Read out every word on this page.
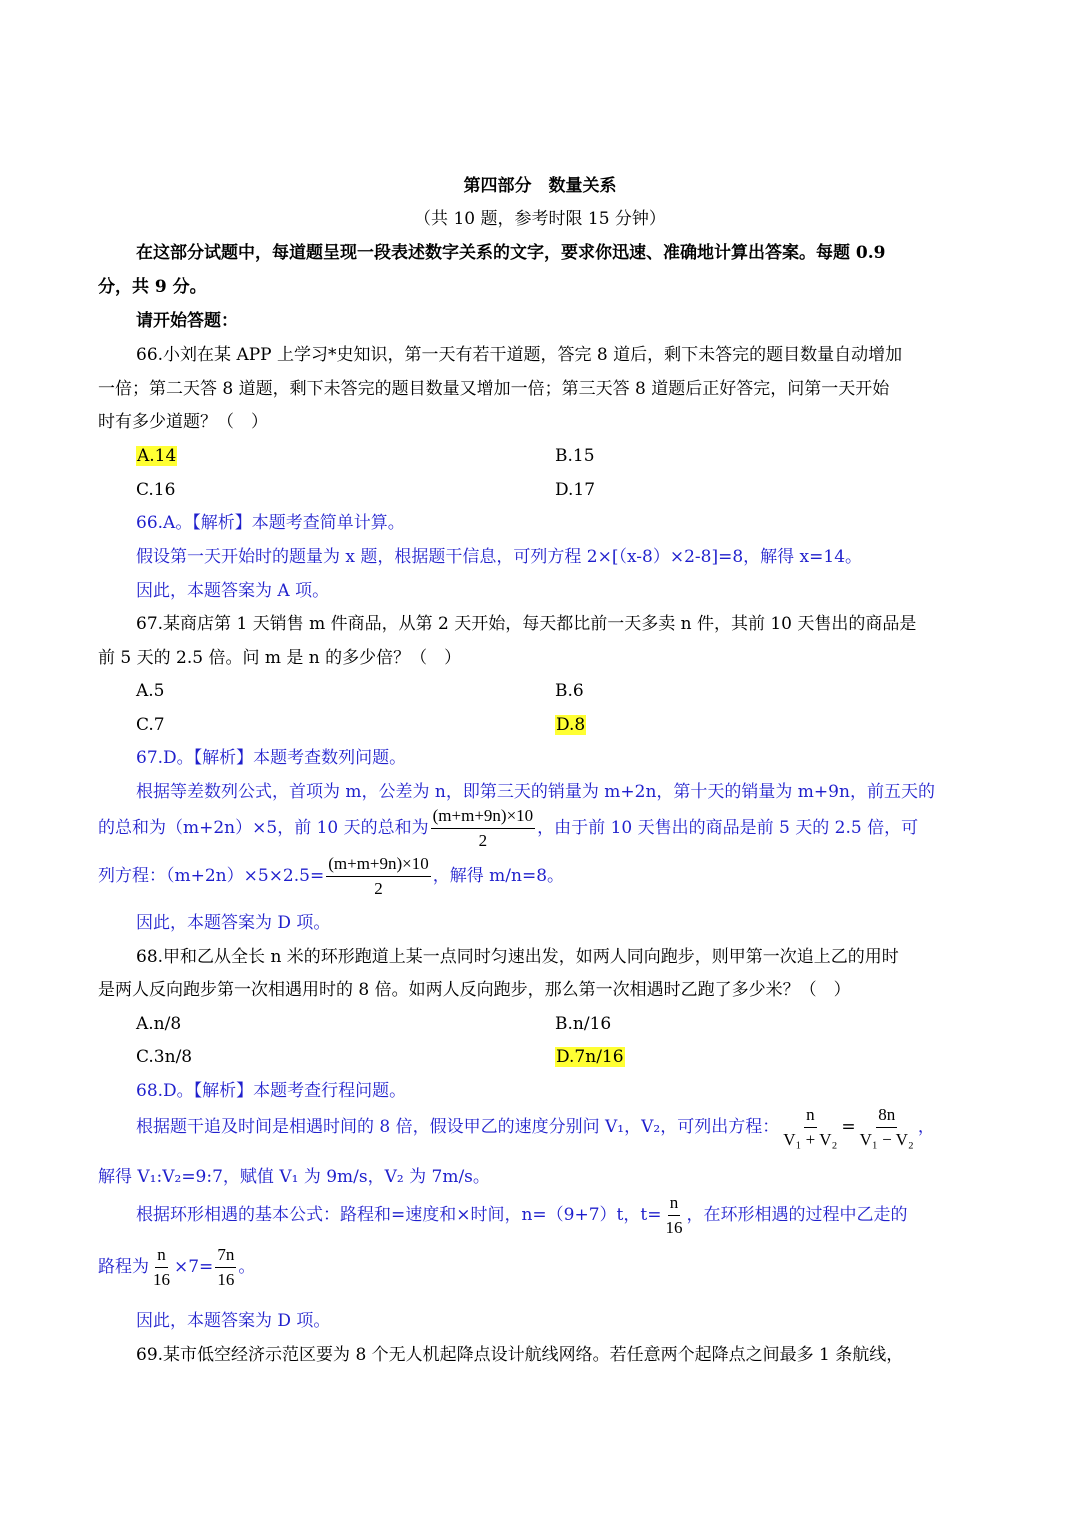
第四部分　数量关系
（共 10 题，参考时限 15 分钟）
在这部分试题中，每道题呈现一段表述数字关系的文字，要求你迅速、准确地计算出答案。每题 0.9
分，共 9 分。
请开始答题：
66.小刘在某 APP 上学习*史知识，第一天有若干道题，答完 8 道后，剩下未答完的题目数量自动增加
一倍；第二天答 8 道题，剩下未答完的题目数量又增加一倍；第三天答 8 道题后正好答完，问第一天开始
时有多少道题？（　）
A.14	B.15
C.16	D.17
66.A。【解析】本题考查简单计算。
假设第一天开始时的题量为 x 题，根据题干信息，可列方程 2×[（x-8）×2-8]=8，解得 x=14。
因此，本题答案为 A 项。
67.某商店第 1 天销售 m 件商品，从第 2 天开始，每天都比前一天多卖 n 件，其前 10 天售出的商品是
前 5 天的 2.5 倍。问 m 是 n 的多少倍？（　）
A.5	B.6
C.7	D.8
67.D。【解析】本题考查数列问题。
根据等差数列公式，首项为 m，公差为 n，即第三天的销量为 m+2n，第十天的销量为 m+9n，前五天的
的总和为（m+2n）×5，前 10 天的总和为 $\frac{(m+m+9n)\times 10}{2}$ ，由于前 10 天售出的商品是前 5 天的 2.5 倍，可
列方程：$(m+2n)\times 5\times 2.5= \frac{(m+m+9n)\times 10}{2}$ ，解得 m/n=8。
因此，本题答案为 D 项。
68.甲和乙从全长 n 米的环形跑道上某一点同时匀速出发，如两人同向跑步，则甲第一次追上乙的用时
是两人反向跑步第一次相遇用时的 8 倍。如两人反向跑步，那么第一次相遇时乙跑了多少米？（　）
A.n/8	B.n/16
C.3n/8	D.7n/16
68.D。【解析】本题考查行程问题。
根据题干追及时间是相遇时间的 8 倍，假设甲乙的速度分别问 V₁，V₂，可列出方程： $\frac{n}{\text{V₁ + V₂}} = \frac{8n}{\text{V₁ − V₂}}$ ，
解得 V₁:V₂=9:7，赋值 V₁ 为 9m/s，V₂ 为 7m/s。
根据环形相遇的基本公式：路程和=速度和×时间，n=（9+7）t，$t= \frac{n}{16}$ ，在环形相遇的过程中乙走的
路程为 $\frac{n}{16} \times 7= \frac{7n}{16}$ 。
因此，本题答案为 D 项。
69.某市低空经济示范区要为 8 个无人机起降点设计航线网络。若任意两个起降点之间最多 1 条航线，
